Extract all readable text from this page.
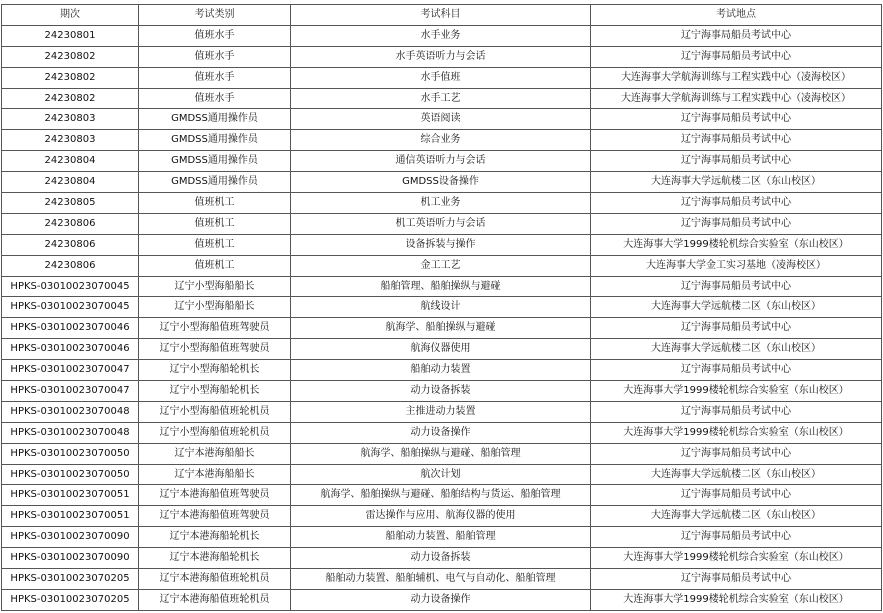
期次	考试类别	考试科目	考试地点
24230801	值班水手	水手业务	辽宁海事局船员考试中心
24230802	值班水手	水手英语听力与会话	辽宁海事局船员考试中心
24230802	值班水手	水手值班	大连海事大学航海训练与工程实践中心（凌海校区）
24230802	值班水手	水手工艺	大连海事大学航海训练与工程实践中心（凌海校区）
24230803	GMDSS通用操作员	英语阅读	辽宁海事局船员考试中心
24230803	GMDSS通用操作员	综合业务	辽宁海事局船员考试中心
24230804	GMDSS通用操作员	通信英语听力与会话	辽宁海事局船员考试中心
24230804	GMDSS通用操作员	GMDSS设备操作	大连海事大学远航楼二区（东山校区）
24230805	值班机工	机工业务	辽宁海事局船员考试中心
24230806	值班机工	机工英语听力与会话	辽宁海事局船员考试中心
24230806	值班机工	设备拆装与操作	大连海事大学1999楼轮机综合实验室（东山校区）
24230806	值班机工	金工工艺	大连海事大学金工实习基地（凌海校区）
HPKS-03010023070045	辽宁小型海船船长	船舶管理、船舶操纵与避碰	辽宁海事局船员考试中心
HPKS-03010023070045	辽宁小型海船船长	航线设计	大连海事大学远航楼二区（东山校区）
HPKS-03010023070046	辽宁小型海船值班驾驶员	航海学、船舶操纵与避碰	辽宁海事局船员考试中心
HPKS-03010023070046	辽宁小型海船值班驾驶员	航海仪器使用	大连海事大学远航楼二区（东山校区）
HPKS-03010023070047	辽宁小型海船轮机长	船舶动力装置	辽宁海事局船员考试中心
HPKS-03010023070047	辽宁小型海船轮机长	动力设备拆装	大连海事大学1999楼轮机综合实验室（东山校区）
HPKS-03010023070048	辽宁小型海船值班轮机员	主推进动力装置	辽宁海事局船员考试中心
HPKS-03010023070048	辽宁小型海船值班轮机员	动力设备操作	大连海事大学1999楼轮机综合实验室（东山校区）
HPKS-03010023070050	辽宁本港海船船长	航海学、船舶操纵与避碰、船舶管理	辽宁海事局船员考试中心
HPKS-03010023070050	辽宁本港海船船长	航次计划	大连海事大学远航楼二区（东山校区）
HPKS-03010023070051	辽宁本港海船值班驾驶员	航海学、船舶操纵与避碰、船舶结构与货运、船舶管理	辽宁海事局船员考试中心
HPKS-03010023070051	辽宁本港海船值班驾驶员	雷达操作与应用、航海仪器的使用	大连海事大学远航楼二区（东山校区）
HPKS-03010023070090	辽宁本港海船轮机长	船舶动力装置、船舶管理	辽宁海事局船员考试中心
HPKS-03010023070090	辽宁本港海船轮机长	动力设备拆装	大连海事大学1999楼轮机综合实验室（东山校区）
HPKS-03010023070205	辽宁本港海船值班轮机员	船舶动力装置、船舶辅机、电气与自动化、船舶管理	辽宁海事局船员考试中心
HPKS-03010023070205	辽宁本港海船值班轮机员	动力设备操作	大连海事大学1999楼轮机综合实验室（东山校区）
